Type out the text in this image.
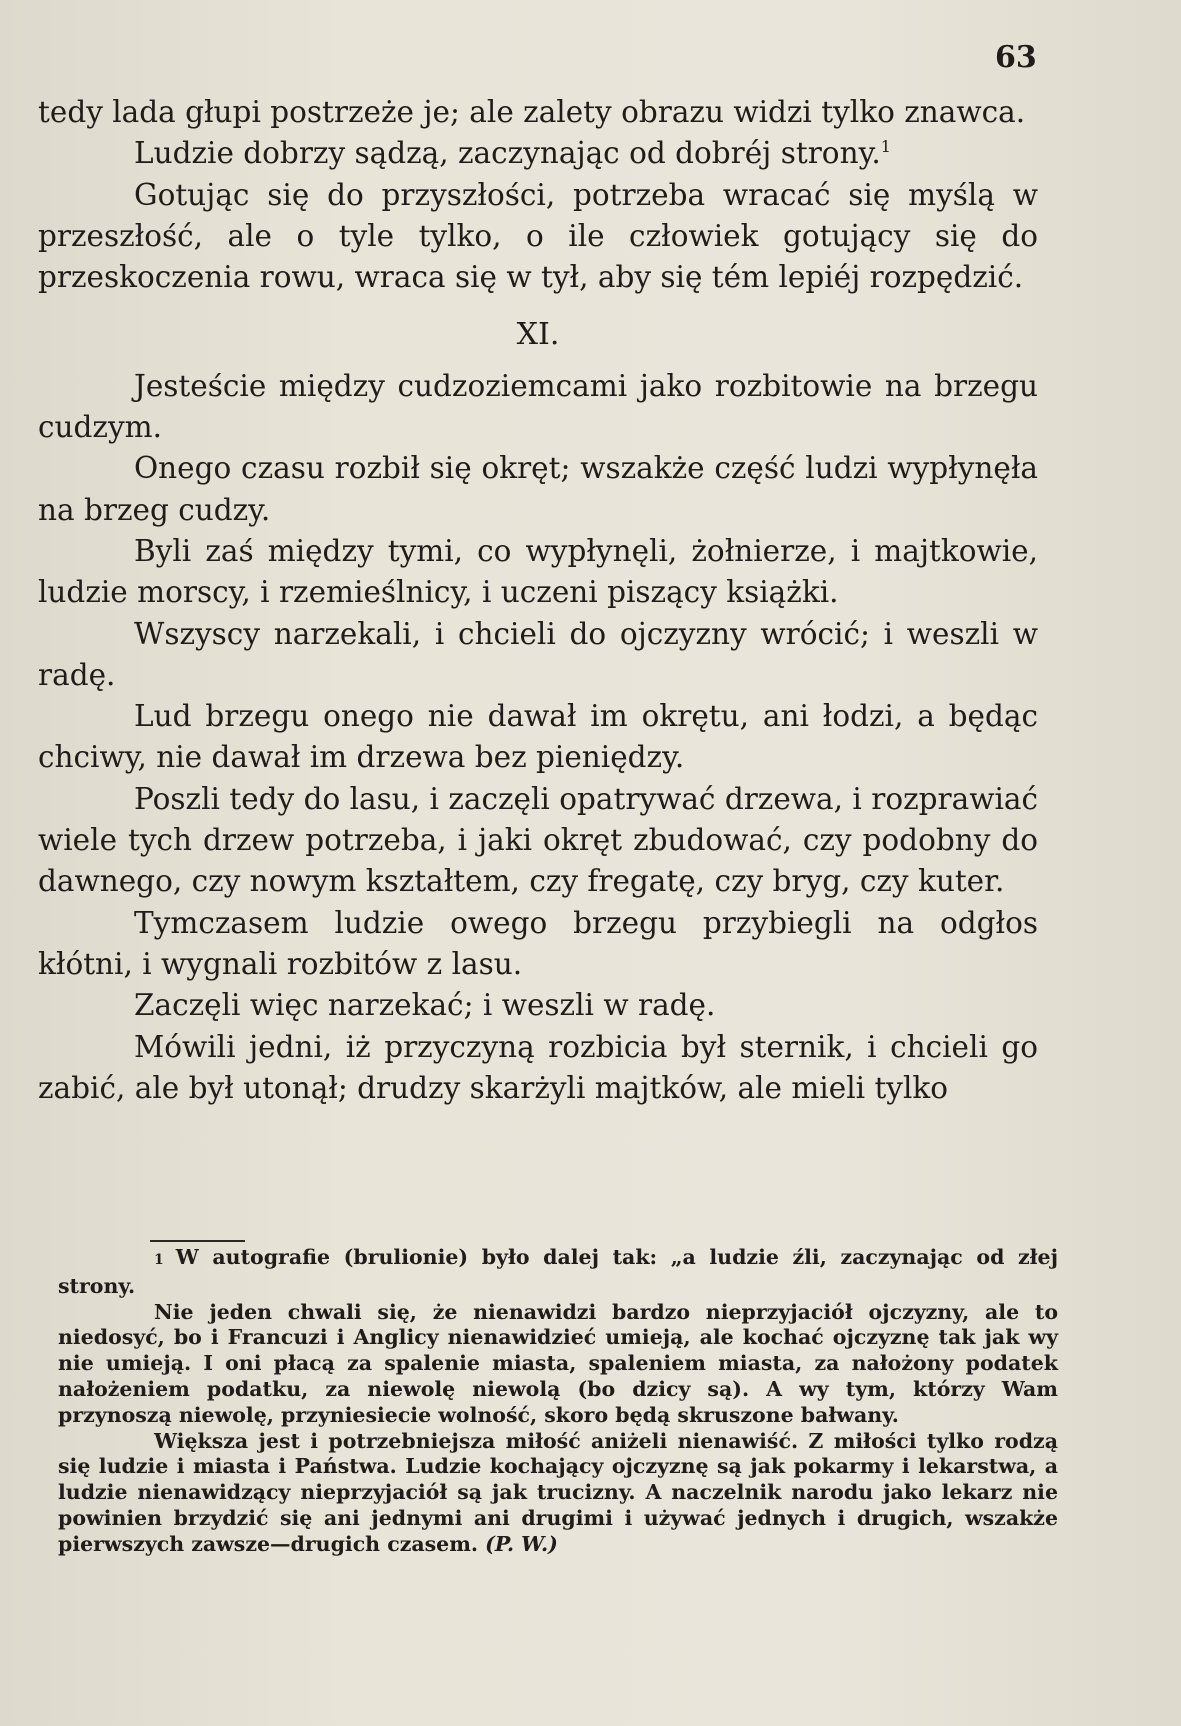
63

tedy lada głupi postrzeże je; ale zalety obrazu widzi tylko znawca.

Ludzie dobrzy sądzą, zaczynając od dobréj strony.$^1$

Gotując się do przyszłości, potrzeba wracać się myślą w przeszłość, ale o tyle tylko, o ile człowiek gotujący się do przeskoczenia rowu, wraca się w tył, aby się tém lepiéj rozpędzić.

XI.

Jesteście między cudzoziemcami jako rozbitowie na brzegu cudzym.

Onego czasu rozbił się okręt; wszakże część ludzi wypłynęła na brzeg cudzy.

Byli zaś między tymi, co wypłynęli, żołnierze, i majtkowie, ludzie morscy, i rzemieślnicy, i uczeni piszący książki.

Wszyscy narzekali, i chcieli do ojczyzny wrócić; i weszli w radę.

Lud brzegu onego nie dawał im okrętu, ani łodzi, a będąc chciwy, nie dawał im drzewa bez pieniędzy.

Poszli tedy do lasu, i zaczęli opatrywać drzewa, i rozprawiać wiele tych drzew potrzeba, i jaki okręt zbudować, czy podobny do dawnego, czy nowym kształtem, czy fregatę, czy bryg, czy kuter.

Tymczasem ludzie owego brzegu przybiegli na odgłos kłótni, i wygnali rozbitów z lasu.

Zaczęli więc narzekać; i weszli w radę.

Mówili jedni, iż przyczyną rozbicia był sternik, i chcieli go zabić, ale był utonął; drudzy skarżyli majtków, ale mieli tylko

1 W autografie (brulionie) było dalej tak: „a ludzie źli, zaczynając od złej strony.

Nie jeden chwali się, że nienawidzi bardzo nieprzyjaciół ojczyzny, ale to niedosyć, bo i Francuzi i Anglicy nienawidzieć umieją, ale kochać ojczyznę tak jak wy nie umieją. I oni płacą za spalenie miasta, spaleniem miasta, za nałożony podatek nałożeniem podatku, za niewolę niewolą (bo dzicy są). A wy tym, którzy Wam przynoszą niewolę, przyniesiecie wolność, skoro będą skruszone bałwany.

Większa jest i potrzebniejsza miłość aniżeli nienawiść. Z miłości tylko rodzą się ludzie i miasta i Państwa. Ludzie kochający ojczyznę są jak pokarmy i lekarstwa, a ludzie nienawidzący nieprzyjaciół są jak trucizny. A naczelnik narodu jako lekarz nie powinien brzydzić się ani jednymi ani drugimi i używać jednych i drugich, wszakże pierwszych zawsze—drugich czasem. (P. W.)
